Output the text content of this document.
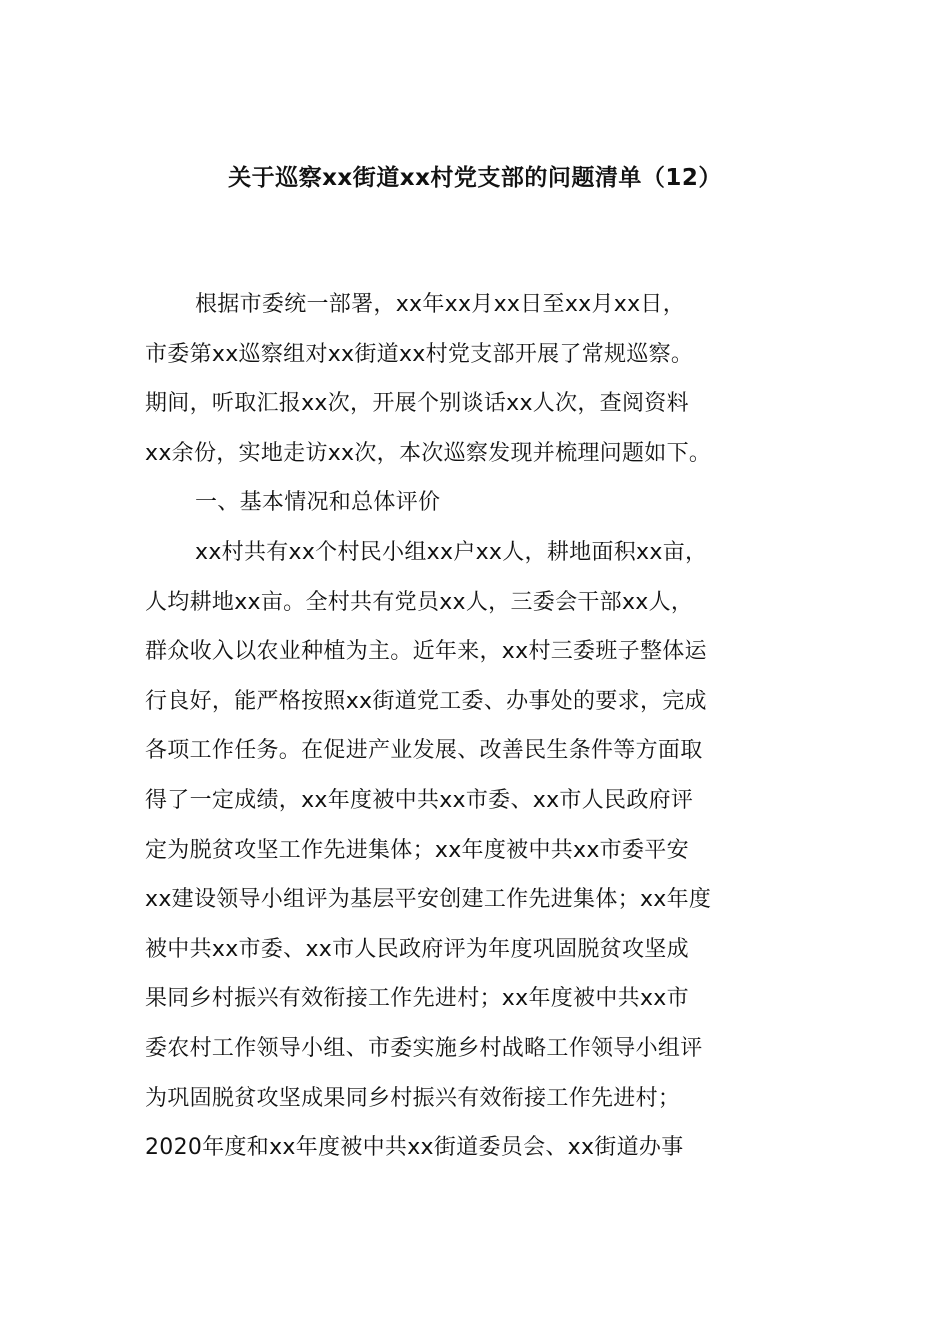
关于巡察xx街道xx村党支部的问题清单（12）
根据市委统一部署，xx年xx月xx日至xx月xx日，
市委第xx巡察组对xx街道xx村党支部开展了常规巡察。
期间，听取汇报xx次，开展个别谈话xx人次，查阅资料
xx余份，实地走访xx次，本次巡察发现并梳理问题如下。
一、基本情况和总体评价
xx村共有xx个村民小组xx户xx人，耕地面积xx亩，
人均耕地xx亩。全村共有党员xx人，三委会干部xx人，
群众收入以农业种植为主。近年来，xx村三委班子整体运
行良好，能严格按照xx街道党工委、办事处的要求，完成
各项工作任务。在促进产业发展、改善民生条件等方面取
得了一定成绩，xx年度被中共xx市委、xx市人民政府评
定为脱贫攻坚工作先进集体；xx年度被中共xx市委平安
xx建设领导小组评为基层平安创建工作先进集体；xx年度
被中共xx市委、xx市人民政府评为年度巩固脱贫攻坚成
果同乡村振兴有效衔接工作先进村；xx年度被中共xx市
委农村工作领导小组、市委实施乡村战略工作领导小组评
为巩固脱贫攻坚成果同乡村振兴有效衔接工作先进村；
2020年度和xx年度被中共xx街道委员会、xx街道办事
